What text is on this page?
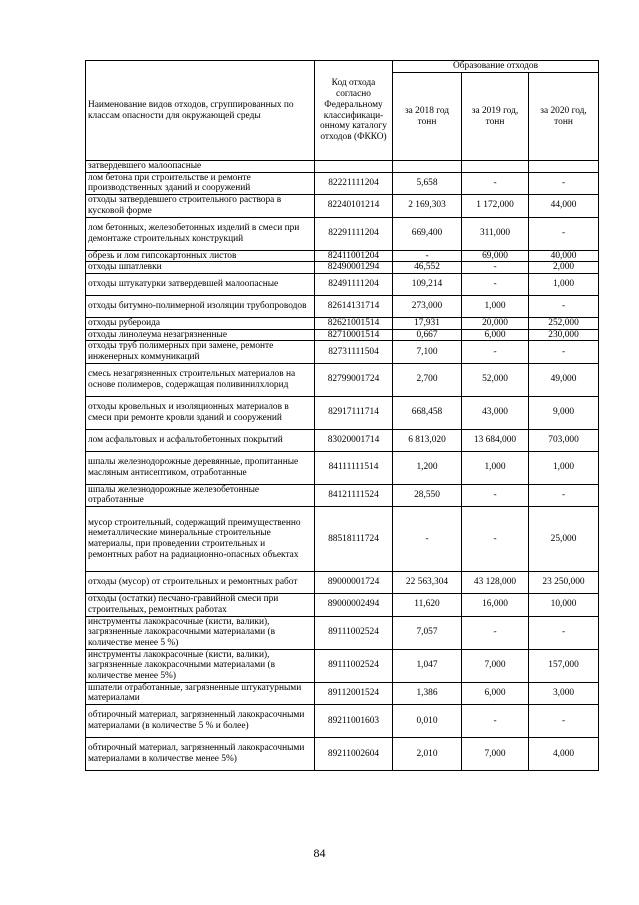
Наименование видов отходов, сгруппированных по классам опасности для окружающей среды	Код отхода согласно Федеральному классификаци-онному каталогу отходов (ФККО)	Образование отходов		
		за 2018 год тонн	за 2019 год, тонн	за 2020 год, тонн
затвердевшего малоопасные				
лом бетона при строительстве и ремонте производственных зданий и сооружений	82221111204	5,658	-	-
отходы затвердевшего строительного раствора в кусковой форме	82240101214	2 169,303	1 172,000	44,000
лом бетонных, железобетонных изделий в смеси при демонтаже строительных конструкций	82291111204	669,400	311,000	-
обрезь и лом гипсокартонных листов	82411001204	-	69,000	40,000
отходы шпатлевки	82490001294	46,552	-	2,000
отходы штукатурки затвердевшей малоопасные	82491111204	109,214	-	1,000
отходы битумно-полимерной изоляции трубопроводов	82614131714	273,000	1,000	-
отходы рубероида	82621001514	17,931	20,000	252,000
отходы линолеума незагрязненные	82710001514	0,667	6,000	230,000
отходы труб полимерных при замене, ремонте инженерных коммуникаций	82731111504	7,100	-	-
смесь незагрязненных строительных материалов на основе полимеров, содержащая поливинилхлорид	82799001724	2,700	52,000	49,000
отходы кровельных и изоляционных материалов в смеси при ремонте кровли зданий и сооружений	82917111714	668,458	43,000	9,000
лом асфальтовых и асфальтобетонных покрытий	83020001714	6 813,020	13 684,000	703,000
шпалы железнодорожные деревянные, пропитанные масляным антисептиком, отработанные	84111111514	1,200	1,000	1,000
шпалы железнодорожные железобетонные отработанные	84121111524	28,550	-	-
мусор строительный, содержащий преимущественно неметаллические минеральные строительные материалы, при проведении строительных и ремонтных работ на радиационно-опасных объектах	88518111724	-	-	25,000
отходы (мусор) от строительных и ремонтных работ	89000001724	22 563,304	43 128,000	23 250,000
отходы (остатки) песчано-гравийной смеси при строительных, ремонтных работах	89000002494	11,620	16,000	10,000
инструменты лакокрасочные (кисти, валики), загрязненные лакокрасочными материалами (в количестве менее 5 %)	89111002524	7,057	-	-
инструменты лакокрасочные (кисти, валики), загрязненные лакокрасочными материалами (в количестве менее 5%)	89111002524	1,047	7,000	157,000
шпатели отработанные, загрязненные штукатурными материалами	89112001524	1,386	6,000	3,000
обтирочный материал, загрязненный лакокрасочными материалами (в количестве 5 % и более)	89211001603	0,010	-	-
обтирочный материал, загрязненный лакокрасочными материалами в количестве менее 5%)	89211002604	2,010	7,000	4,000
84
